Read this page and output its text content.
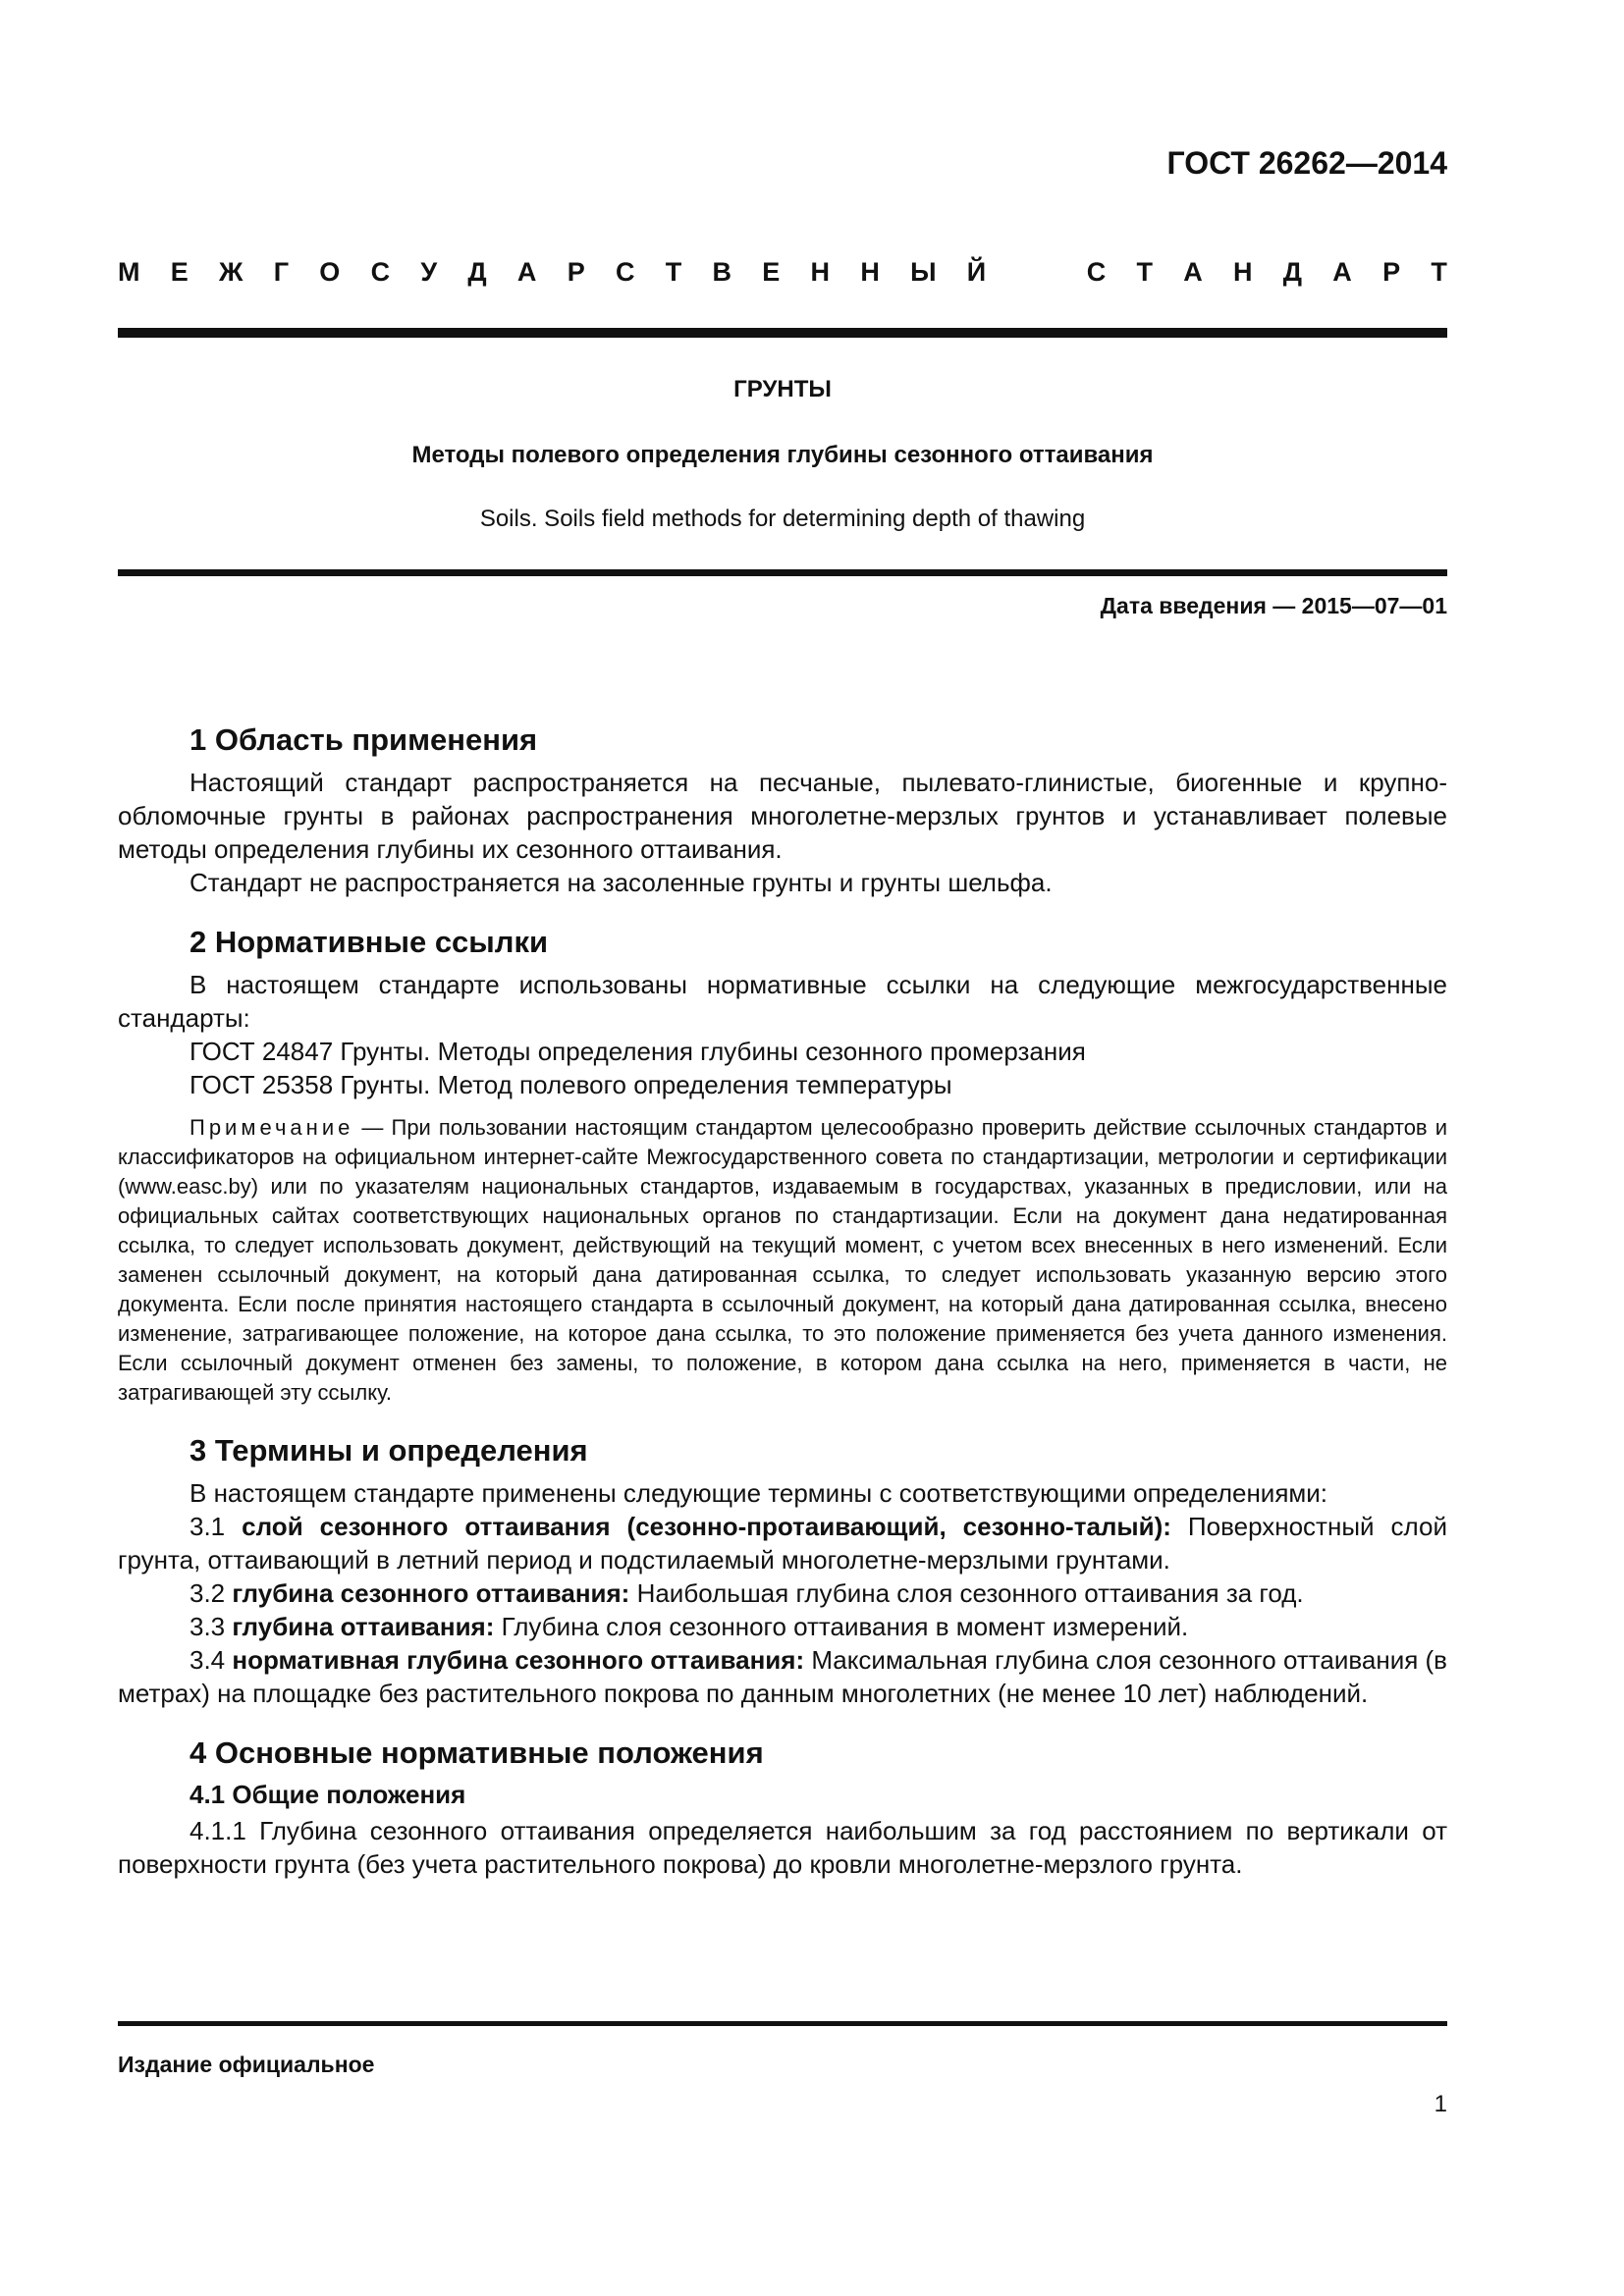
ГОСТ 26262—2014

М Е Ж Г О С У Д А Р С Т В Е Н Н Ы Й	С Т А Н Д А Р Т

ГРУНТЫ

Методы полевого определения глубины сезонного оттаивания

Soils. Soils field methods for determining depth of thawing

Дата введения — 2015—07—01

1 Область применения

Настоящий стандарт распространяется на песчаные, пылевато-глинистые, биогенные и крупнообломочные грунты в районах распространения многолетне-мерзлых грунтов и устанавливает полевые методы определения глубины их сезонного оттаивания.

Стандарт не распространяется на засоленные грунты и грунты шельфа.

2 Нормативные ссылки

В настоящем стандарте использованы нормативные ссылки на следующие межгосударственные стандарты:

ГОСТ 24847 Грунты. Методы определения глубины сезонного промерзания

ГОСТ 25358 Грунты. Метод полевого определения температуры

Примечание — При пользовании настоящим стандартом целесообразно проверить действие ссылочных стандартов и классификаторов на официальном интернет-сайте Межгосударственного совета по стандартизации, метрологии и сертификации (www.easc.by) или по указателям национальных стандартов, издаваемым в государствах, указанных в предисловии, или на официальных сайтах соответствующих национальных органов по стандартизации. Если на документ дана недатированная ссылка, то следует использовать документ, действующий на текущий момент, с учетом всех внесенных в него изменений. Если заменен ссылочный документ, на который дана датированная ссылка, то следует использовать указанную версию этого документа. Если после принятия настоящего стандарта в ссылочный документ, на который дана датированная ссылка, внесено изменение, затрагивающее положение, на которое дана ссылка, то это положение применяется без учета данного изменения. Если ссылочный документ отменен без замены, то положение, в котором дана ссылка на него, применяется в части, не затрагивающей эту ссылку.

3 Термины и определения

В настоящем стандарте применены следующие термины с соответствующими определениями:

3.1 слой сезонного оттаивания (сезонно-протаивающий, сезонно-талый): Поверхностный слой грунта, оттаивающий в летний период и подстилаемый многолетне-мерзлыми грунтами.

3.2 глубина сезонного оттаивания: Наибольшая глубина слоя сезонного оттаивания за год.

3.3 глубина оттаивания: Глубина слоя сезонного оттаивания в момент измерений.

3.4 нормативная глубина сезонного оттаивания: Максимальная глубина слоя сезонного оттаивания (в метрах) на площадке без растительного покрова по данным многолетних (не менее 10 лет) наблюдений.

4 Основные нормативные положения
4.1 Общие положения

4.1.1 Глубина сезонного оттаивания определяется наибольшим за год расстоянием по вертикали от поверхности грунта (без учета растительного покрова) до кровли многолетне-мерзлого грунта.

Издание официальное

1
